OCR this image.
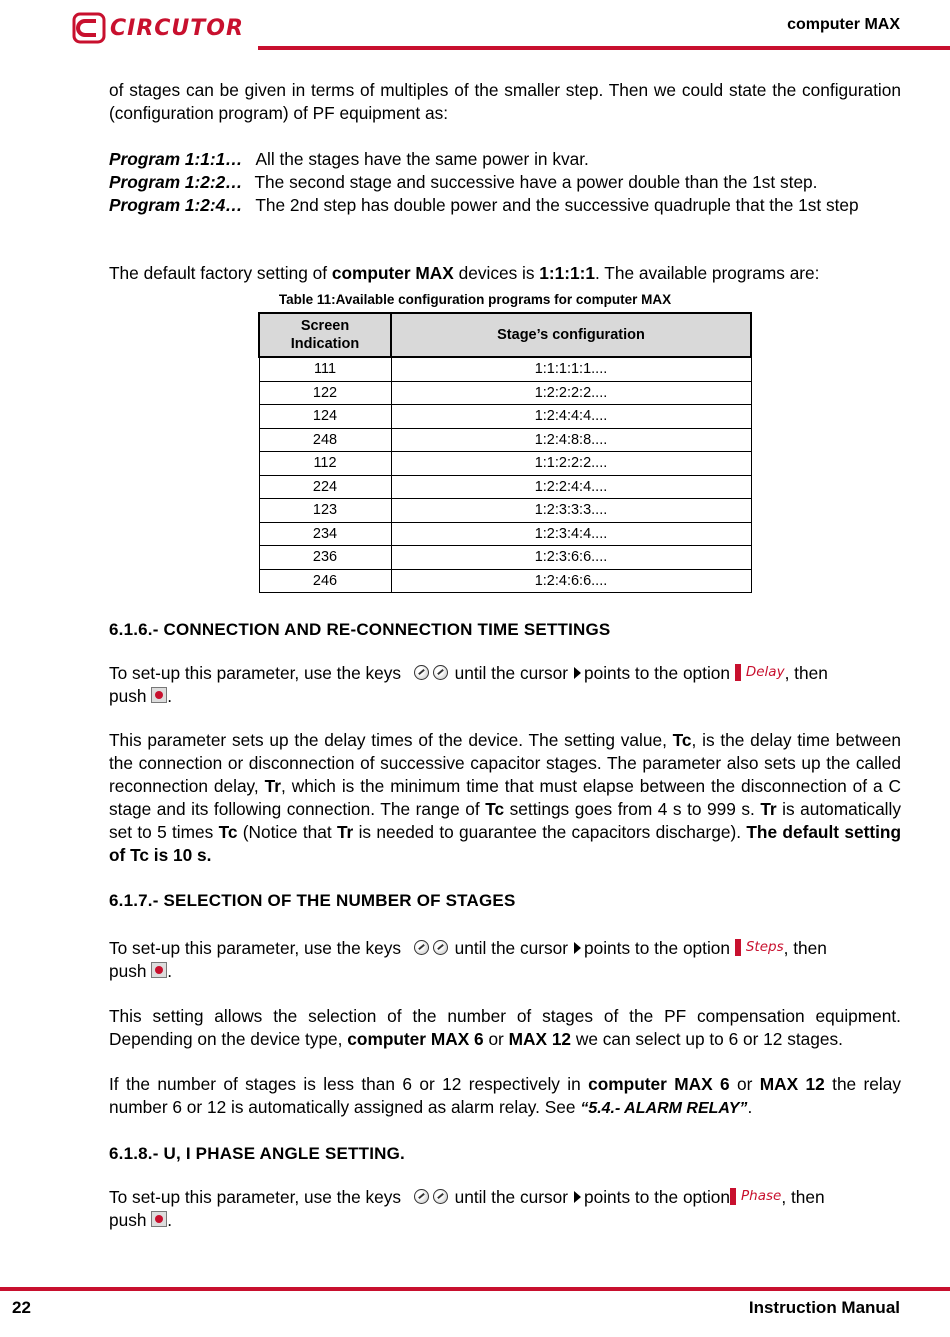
CIRCUTOR	computer MAX
of stages can be given in terms of multiples of the smaller step. Then we could state the configuration (configuration program) of PF equipment as:
Program 1:1:1… All the stages have the same power in kvar.
Program 1:2:2… The second stage and successive have a power double than the 1st step.
Program 1:2:4… The 2nd step has double power and the successive quadruple that the 1st step
The default factory setting of computer MAX devices is 1:1:1:1. The available programs are:
Table 11:Available configuration programs for computer MAX
Screen
Indication	Stage’s configuration
111	1:1:1:1:1....
122	1:2:2:2:2....
124	1:2:4:4:4....
248	1:2:4:8:8....
112	1:1:2:2:2....
224	1:2:2:4:4....
123	1:2:3:3:3....
234	1:2:3:4:4....
236	1:2:3:6:6....
246	1:2:4:6:6....
6.1.6.- CONNECTION AND RE-CONNECTION TIME SETTINGS
To set-up this parameter, use the keys	until the cursor points to the option Delay , then
push .
This parameter sets up the delay times of the device. The setting value, Tc, is the delay time between the connection or disconnection of successive capacitor stages. The parameter also sets up the called reconnection delay, Tr, which is the minimum time that must elapse between the disconnection of a C stage and its following connection. The range of Tc settings goes from 4 s to 999 s. Tr is automatically set to 5 times Tc (Notice that Tr is needed to guarantee the capacitors discharge). The default setting of Tc is 10 s.
6.1.7.- SELECTION OF THE NUMBER OF STAGES
To set-up this parameter, use the keys	until the cursor points to the option Steps , then
push .
This setting allows the selection of the number of stages of the PF compensation equipment. Depending on the device type, computer MAX 6 or MAX 12 we can select up to 6 or 12 stages.
If the number of stages is less than 6 or 12 respectively in computer MAX 6 or MAX 12 the relay number 6 or 12 is automatically assigned as alarm relay. See “5.4.- ALARM RELAY”.
6.1.8.- U, I PHASE ANGLE SETTING.
To set-up this parameter, use the keys	until the cursor points to the option Phase , then
push .
22	Instruction Manual
